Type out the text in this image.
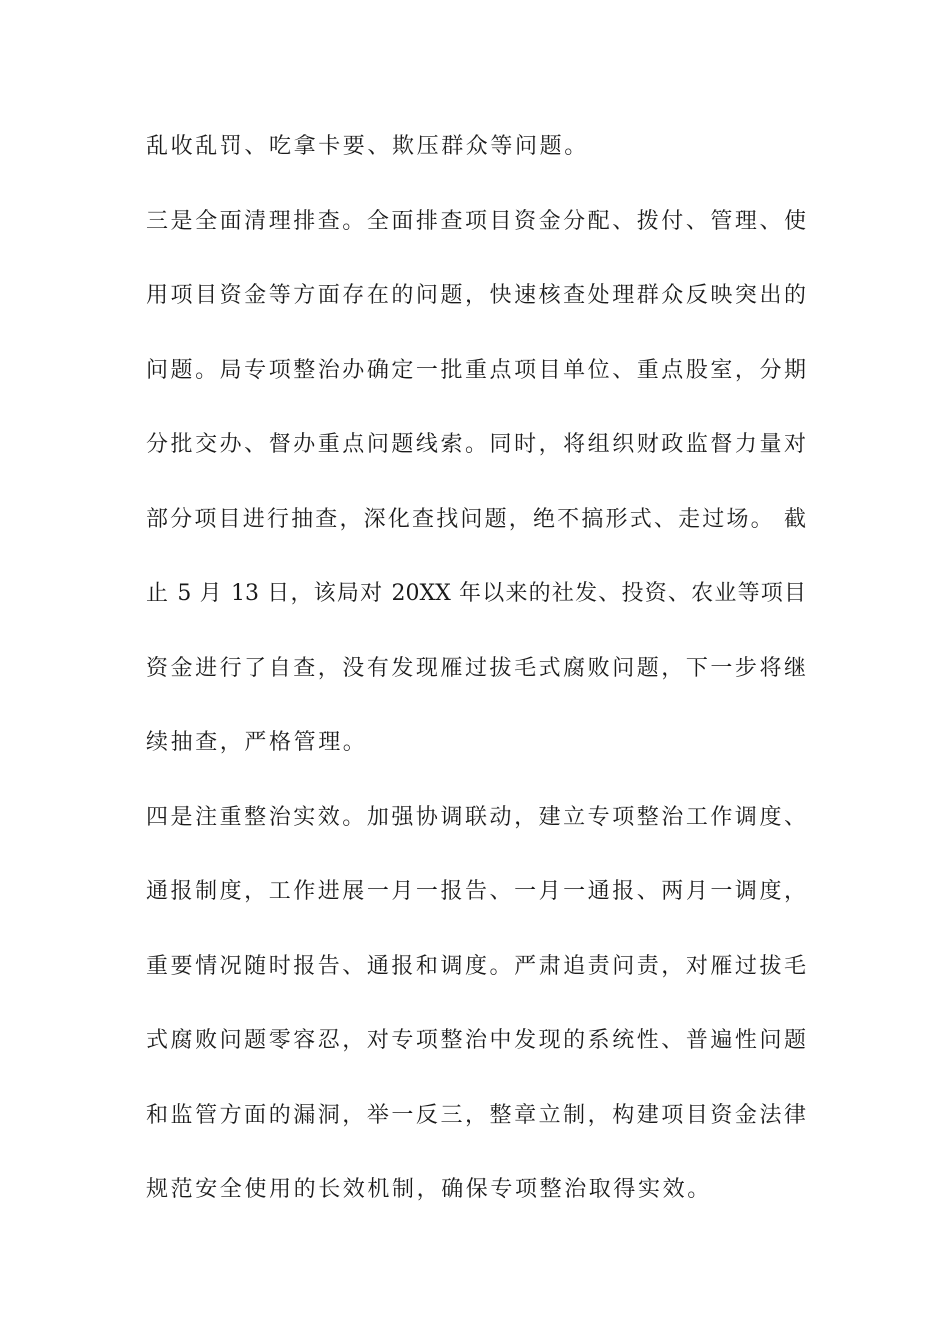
乱收乱罚、吃拿卡要、欺压群众等问题。
三是全面清理排查。全面排查项目资金分配、拨付、管理、使
用项目资金等方面存在的问题，快速核查处理群众反映突出的
问题。局专项整治办确定一批重点项目单位、重点股室，分期
分批交办、督办重点问题线索。同时，将组织财政监督力量对
部分项目进行抽查，深化查找问题，绝不搞形式、走过场。 截
止 5 月 13 日，该局对 20XX 年以来的社发、投资、农业等项目
资金进行了自查，没有发现雁过拔毛式腐败问题，下一步将继
续抽查，严格管理。
四是注重整治实效。加强协调联动，建立专项整治工作调度、
通报制度，工作进展一月一报告、一月一通报、两月一调度，
重要情况随时报告、通报和调度。严肃追责问责，对雁过拔毛
式腐败问题零容忍，对专项整治中发现的系统性、普遍性问题
和监管方面的漏洞，举一反三，整章立制，构建项目资金法律
规范安全使用的长效机制，确保专项整治取得实效。
